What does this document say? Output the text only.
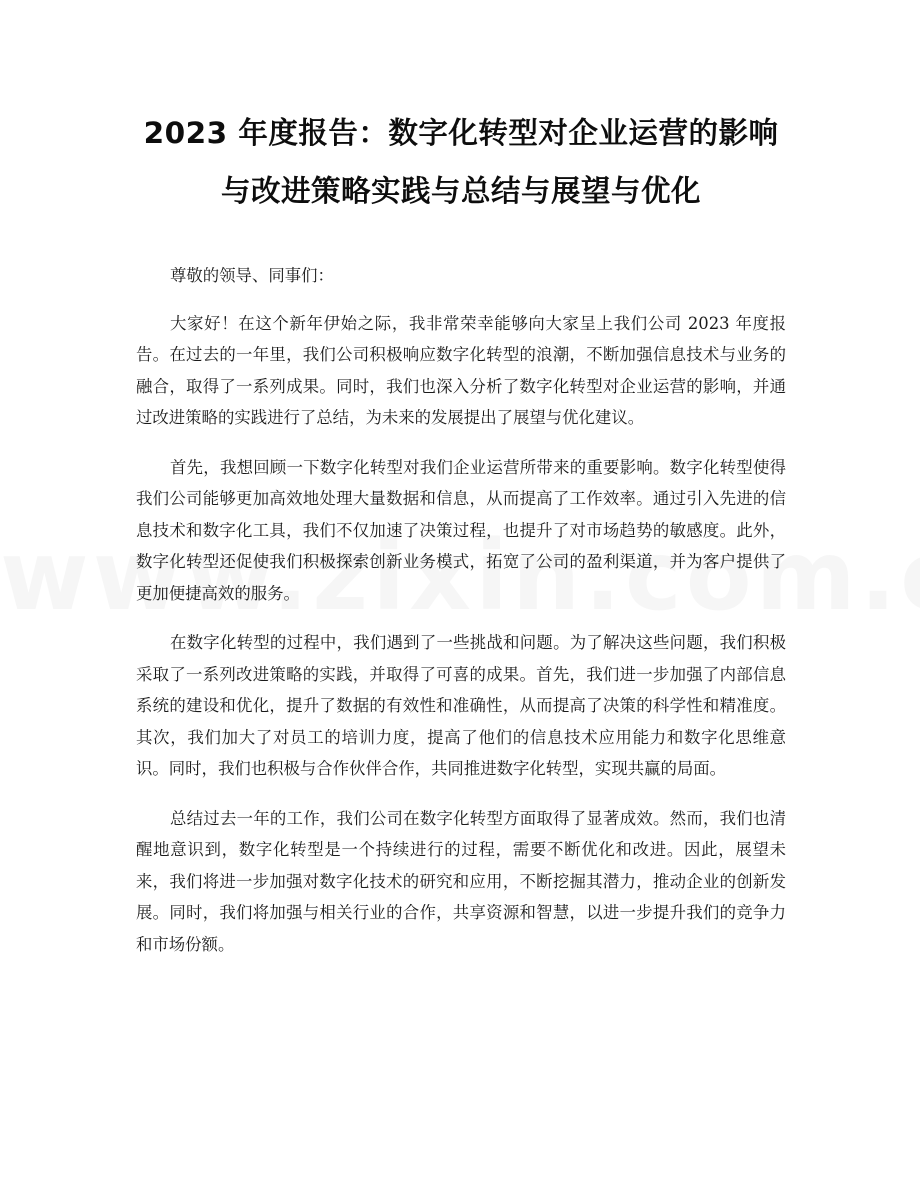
2023 年度报告：数字化转型对企业运营的影响与改进策略实践与总结与展望与优化

尊敬的领导、同事们：

大家好！在这个新年伊始之际，我非常荣幸能够向大家呈上我们公司 2023 年度报告。在过去的一年里，我们公司积极响应数字化转型的浪潮，不断加强信息技术与业务的融合，取得了一系列成果。同时，我们也深入分析了数字化转型对企业运营的影响，并通过改进策略的实践进行了总结，为未来的发展提出了展望与优化建议。

首先，我想回顾一下数字化转型对我们企业运营所带来的重要影响。数字化转型使得我们公司能够更加高效地处理大量数据和信息，从而提高了工作效率。通过引入先进的信息技术和数字化工具，我们不仅加速了决策过程，也提升了对市场趋势的敏感度。此外，数字化转型还促使我们积极探索创新业务模式，拓宽了公司的盈利渠道，并为客户提供了更加便捷高效的服务。

在数字化转型的过程中，我们遇到了一些挑战和问题。为了解决这些问题，我们积极采取了一系列改进策略的实践，并取得了可喜的成果。首先，我们进一步加强了内部信息系统的建设和优化，提升了数据的有效性和准确性，从而提高了决策的科学性和精准度。其次，我们加大了对员工的培训力度，提高了他们的信息技术应用能力和数字化思维意识。同时，我们也积极与合作伙伴合作，共同推进数字化转型，实现共赢的局面。

总结过去一年的工作，我们公司在数字化转型方面取得了显著成效。然而，我们也清醒地意识到，数字化转型是一个持续进行的过程，需要不断优化和改进。因此，展望未来，我们将进一步加强对数字化技术的研究和应用，不断挖掘其潜力，推动企业的创新发展。同时，我们将加强与相关行业的合作，共享资源和智慧，以进一步提升我们的竞争力和市场份额。
